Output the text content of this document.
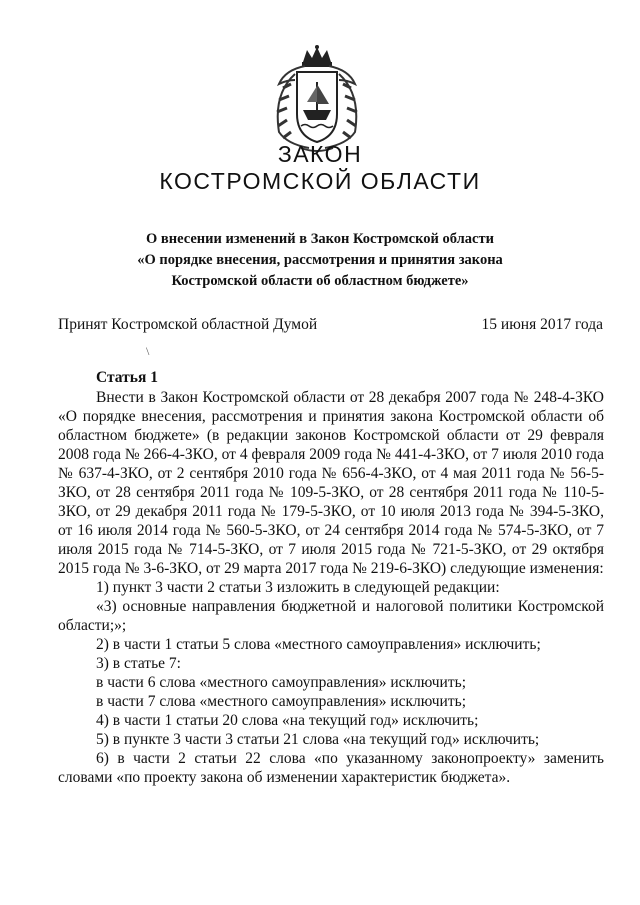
ЗАКОН
КОСТРОМСКОЙ ОБЛАСТИ
О внесении изменений в Закон Костромской области
«О порядке внесения, рассмотрения и принятия закона
Костромской области об областном бюджете»
Принят Костромской областной Думой	15 июня 2017 года
\
Статья 1

Внести в Закон Костромской области от 28 декабря 2007 года № 248-4-ЗКО «О порядке внесения, рассмотрения и принятия закона Костромской области об областном бюджете» (в редакции законов Костромской области от 29 февраля 2008 года № 266-4-ЗКО, от 4 февраля 2009 года № 441-4-ЗКО, от 7 июля 2010 года № 637-4-ЗКО, от 2 сентября 2010 года № 656-4-ЗКО, от 4 мая 2011 года № 56-5-ЗКО, от 28 сентября 2011 года № 109-5-ЗКО, от 28 сентября 2011 года № 110-5-ЗКО, от 29 декабря 2011 года № 179-5-ЗКО, от 10 июля 2013 года № 394-5-ЗКО, от 16 июля 2014 года № 560-5-ЗКО, от 24 сентября 2014 года № 574-5-ЗКО, от 7 июля 2015 года № 714-5-ЗКО, от 7 июля 2015 года № 721-5-ЗКО, от 29 октября 2015 года № 3-6-ЗКО, от 29 марта 2017 года № 219-6-ЗКО) следующие изменения:

1) пункт 3 части 2 статьи 3 изложить в следующей редакции:

«3) основные направления бюджетной и налоговой политики Костромской области;»;

2) в части 1 статьи 5 слова «местного самоуправления» исключить;

3) в статье 7:

в части 6 слова «местного самоуправления» исключить;

в части 7 слова «местного самоуправления» исключить;

4) в части 1 статьи 20 слова «на текущий год» исключить;

5) в пункте 3 части 3 статьи 21 слова «на текущий год» исключить;

6) в части 2 статьи 22 слова «по указанному законопроекту» заменить словами «по проекту закона об изменении характеристик бюджета».
